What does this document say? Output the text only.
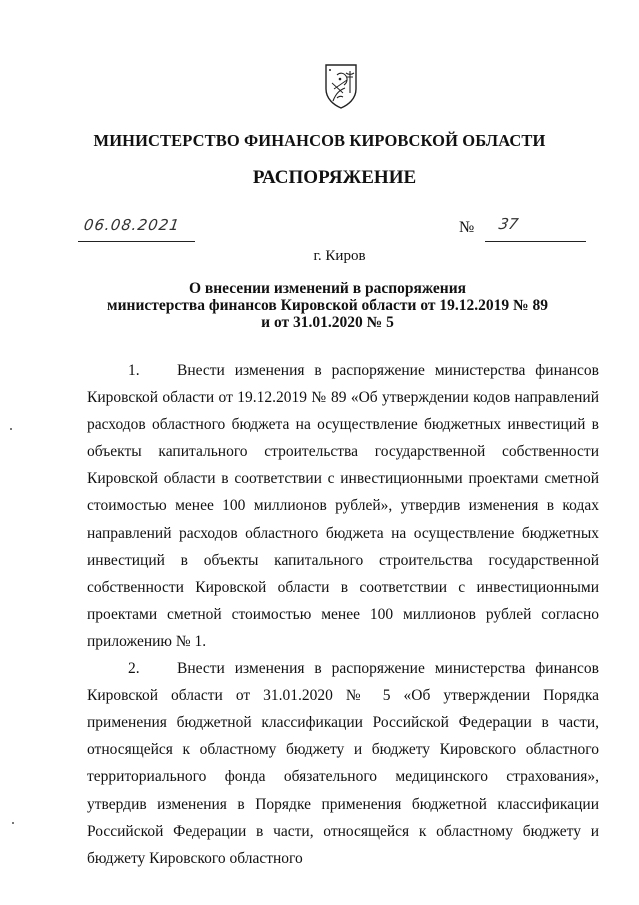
МИНИСТЕРСТВО ФИНАНСОВ КИРОВСКОЙ ОБЛАСТИ
РАСПОРЯЖЕНИЕ
06.08.2021	№ 37
г. Киров
О внесении изменений в распоряжения
министерства финансов Кировской области от 19.12.2019 № 89
и от 31.01.2020 № 5

1. Внести изменения в распоряжение министерства финансов Кировской области от 19.12.2019 № 89 «Об утверждении кодов направлений расходов областного бюджета на осуществление бюджетных инвестиций в объекты капитального строительства государственной собственности Кировской области в соответствии с инвестиционными проектами сметной стоимостью менее 100 миллионов рублей», утвердив изменения в кодах направлений расходов областного бюджета на осуществление бюджетных инвестиций в объекты капитального строительства государственной собственности Кировской области в соответствии с инвестиционными проектами сметной стоимостью менее 100 миллионов рублей согласно приложению № 1.

2. Внести изменения в распоряжение министерства финансов Кировской области от 31.01.2020 № 5 «Об утверждении Порядка применения бюджетной классификации Российской Федерации в части, относящейся к областному бюджету и бюджету Кировского областного территориального фонда обязательного медицинского страхования», утвердив изменения в Порядке применения бюджетной классификации Российской Федерации в части, относящейся к областному бюджету и бюджету Кировского областного
